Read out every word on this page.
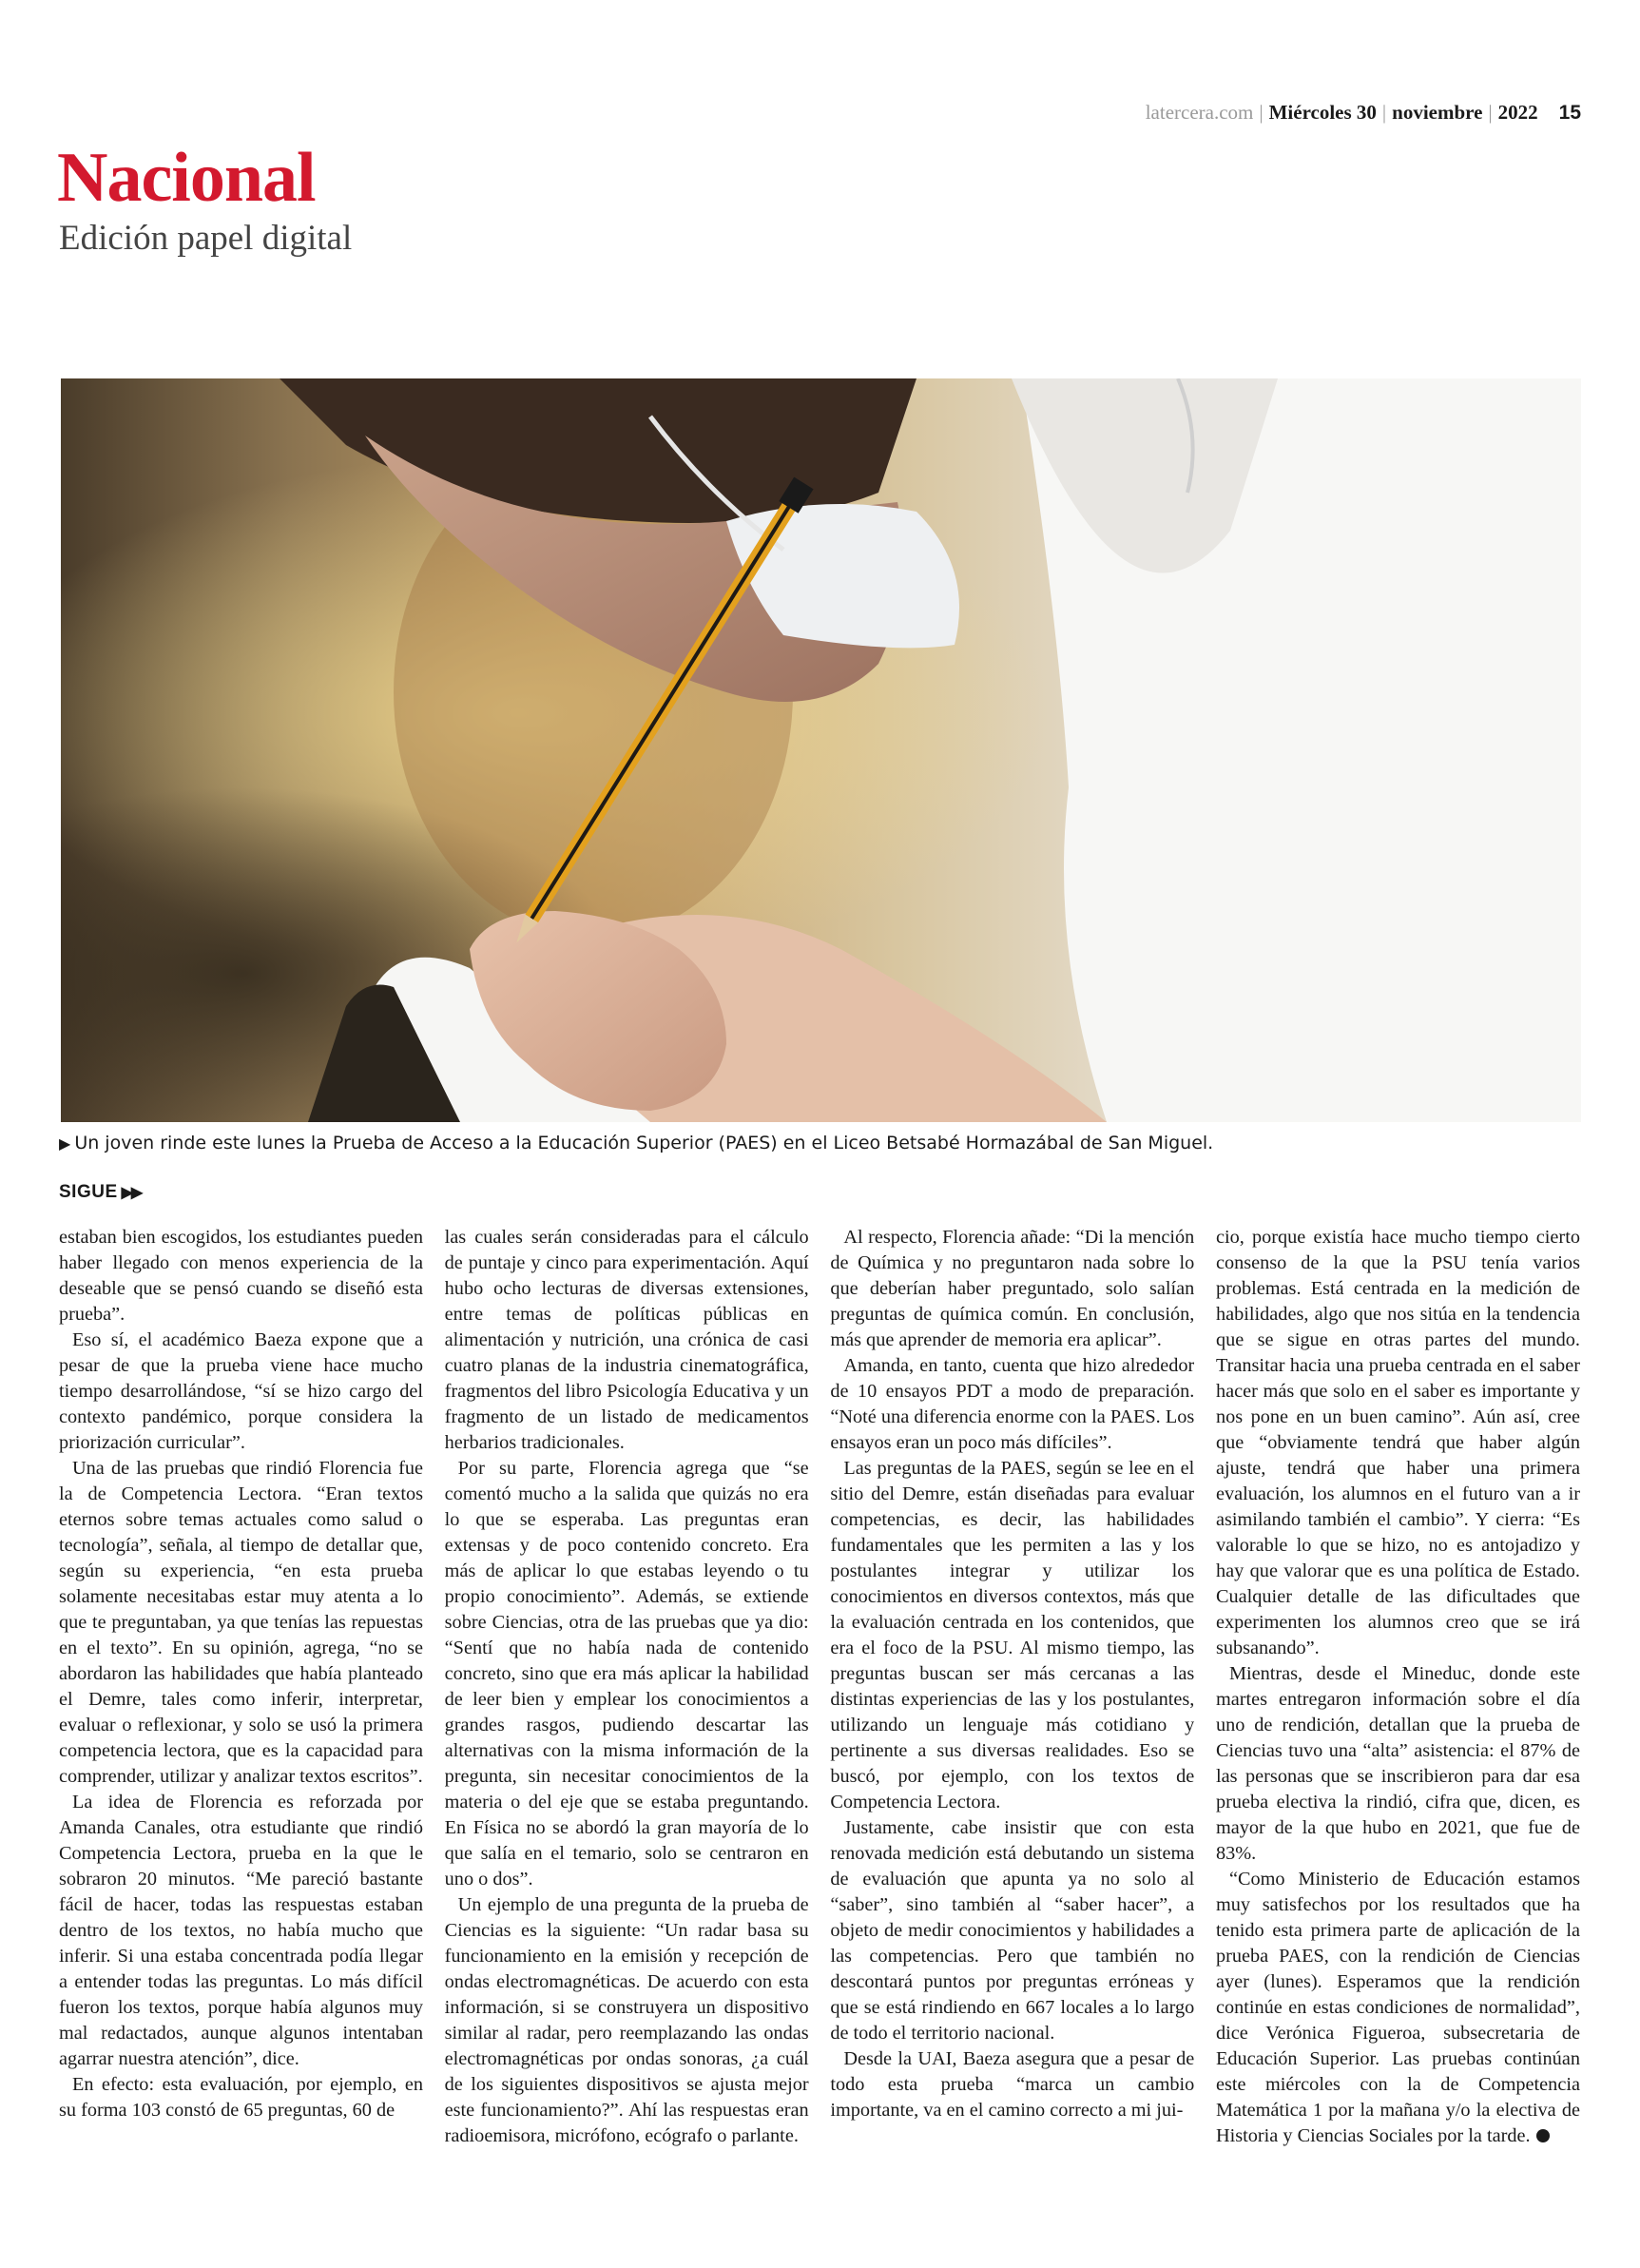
latercera.com | Miércoles 30 | noviembre | 2022 15
Nacional
Edición papel digital
▶ Un joven rinde este lunes la Prueba de Acceso a la Educación Superior (PAES) en el Liceo Betsabé Hormazábal de San Miguel.
SIGUE ▶▶

estaban bien escogidos, los estudiantes pueden haber llegado con menos experiencia de la deseable que se pensó cuando se diseñó esta prueba”.

Eso sí, el académico Baeza expone que a pesar de que la prueba viene hace mucho tiempo desarrollándose, “sí se hizo cargo del contexto pandémico, porque considera la priorización curricular”.

Una de las pruebas que rindió Florencia fue la de Competencia Lectora. “Eran textos eternos sobre temas actuales como salud o tecnología”, señala, al tiempo de detallar que, según su experiencia, “en esta prueba solamente necesitabas estar muy atenta a lo que te preguntaban, ya que tenías las repuestas en el texto”. En su opinión, agrega, “no se abordaron las habilidades que había planteado el Demre, tales como inferir, interpretar, evaluar o reflexionar, y solo se usó la primera competencia lectora, que es la capacidad para comprender, utilizar y analizar textos escritos”.

La idea de Florencia es reforzada por Amanda Canales, otra estudiante que rindió Competencia Lectora, prueba en la que le sobraron 20 minutos. “Me pareció bastante fácil de hacer, todas las respuestas estaban dentro de los textos, no había mucho que inferir. Si una estaba concentrada podía llegar a entender todas las preguntas. Lo más difícil fueron los textos, porque había algunos muy mal redactados, aunque algunos intentaban agarrar nuestra atención”, dice.

En efecto: esta evaluación, por ejemplo, en su forma 103 constó de 65 preguntas, 60 de

las cuales serán consideradas para el cálculo de puntaje y cinco para experimentación. Aquí hubo ocho lecturas de diversas extensiones, entre temas de políticas públicas en alimentación y nutrición, una crónica de casi cuatro planas de la industria cinematográfica, fragmentos del libro Psicología Educativa y un fragmento de un listado de medicamentos herbarios tradicionales.

Por su parte, Florencia agrega que “se comentó mucho a la salida que quizás no era lo que se esperaba. Las preguntas eran extensas y de poco contenido concreto. Era más de aplicar lo que estabas leyendo o tu propio conocimiento”. Además, se extiende sobre Ciencias, otra de las pruebas que ya dio: “Sentí que no había nada de contenido concreto, sino que era más aplicar la habilidad de leer bien y emplear los conocimientos a grandes rasgos, pudiendo descartar las alternativas con la misma información de la pregunta, sin necesitar conocimientos de la materia o del eje que se estaba preguntando. En Física no se abordó la gran mayoría de lo que salía en el temario, solo se centraron en uno o dos”.

Un ejemplo de una pregunta de la prueba de Ciencias es la siguiente: “Un radar basa su funcionamiento en la emisión y recepción de ondas electromagnéticas. De acuerdo con esta información, si se construyera un dispositivo similar al radar, pero reemplazando las ondas electromagnéticas por ondas sonoras, ¿a cuál de los siguientes dispositivos se ajusta mejor este funcionamiento?”. Ahí las respuestas eran radioemisora, micrófono, ecógrafo o parlante.

Al respecto, Florencia añade: “Di la mención de Química y no preguntaron nada sobre lo que deberían haber preguntado, solo salían preguntas de química común. En conclusión, más que aprender de memoria era aplicar”.

Amanda, en tanto, cuenta que hizo alrededor de 10 ensayos PDT a modo de preparación. “Noté una diferencia enorme con la PAES. Los ensayos eran un poco más difíciles”.

Las preguntas de la PAES, según se lee en el sitio del Demre, están diseñadas para evaluar competencias, es decir, las habilidades fundamentales que les permiten a las y los postulantes integrar y utilizar los conocimientos en diversos contextos, más que la evaluación centrada en los contenidos, que era el foco de la PSU. Al mismo tiempo, las preguntas buscan ser más cercanas a las distintas experiencias de las y los postulantes, utilizando un lenguaje más cotidiano y pertinente a sus diversas realidades. Eso se buscó, por ejemplo, con los textos de Competencia Lectora.

Justamente, cabe insistir que con esta renovada medición está debutando un sistema de evaluación que apunta ya no solo al “saber”, sino también al “saber hacer”, a objeto de medir conocimientos y habilidades a las competencias. Pero que también no descontará puntos por preguntas erróneas y que se está rindiendo en 667 locales a lo largo de todo el territorio nacional.

Desde la UAI, Baeza asegura que a pesar de todo esta prueba “marca un cambio importante, va en el camino correcto a mi jui-

cio, porque existía hace mucho tiempo cierto consenso de la que la PSU tenía varios problemas. Está centrada en la medición de habilidades, algo que nos sitúa en la tendencia que se sigue en otras partes del mundo. Transitar hacia una prueba centrada en el saber hacer más que solo en el saber es importante y nos pone en un buen camino”. Aún así, cree que “obviamente tendrá que haber algún ajuste, tendrá que haber una primera evaluación, los alumnos en el futuro van a ir asimilando también el cambio”. Y cierra: “Es valorable lo que se hizo, no es antojadizo y hay que valorar que es una política de Estado. Cualquier detalle de las dificultades que experimenten los alumnos creo que se irá subsanando”.

Mientras, desde el Mineduc, donde este martes entregaron información sobre el día uno de rendición, detallan que la prueba de Ciencias tuvo una “alta” asistencia: el 87% de las personas que se inscribieron para dar esa prueba electiva la rindió, cifra que, dicen, es mayor de la que hubo en 2021, que fue de 83%.

“Como Ministerio de Educación estamos muy satisfechos por los resultados que ha tenido esta primera parte de aplicación de la prueba PAES, con la rendición de Ciencias ayer (lunes). Esperamos que la rendición continúe en estas condiciones de normalidad”, dice Verónica Figueroa, subsecretaria de Educación Superior. Las pruebas continúan este miércoles con la de Competencia Matemática 1 por la mañana y/o la electiva de Historia y Ciencias Sociales por la tarde.
